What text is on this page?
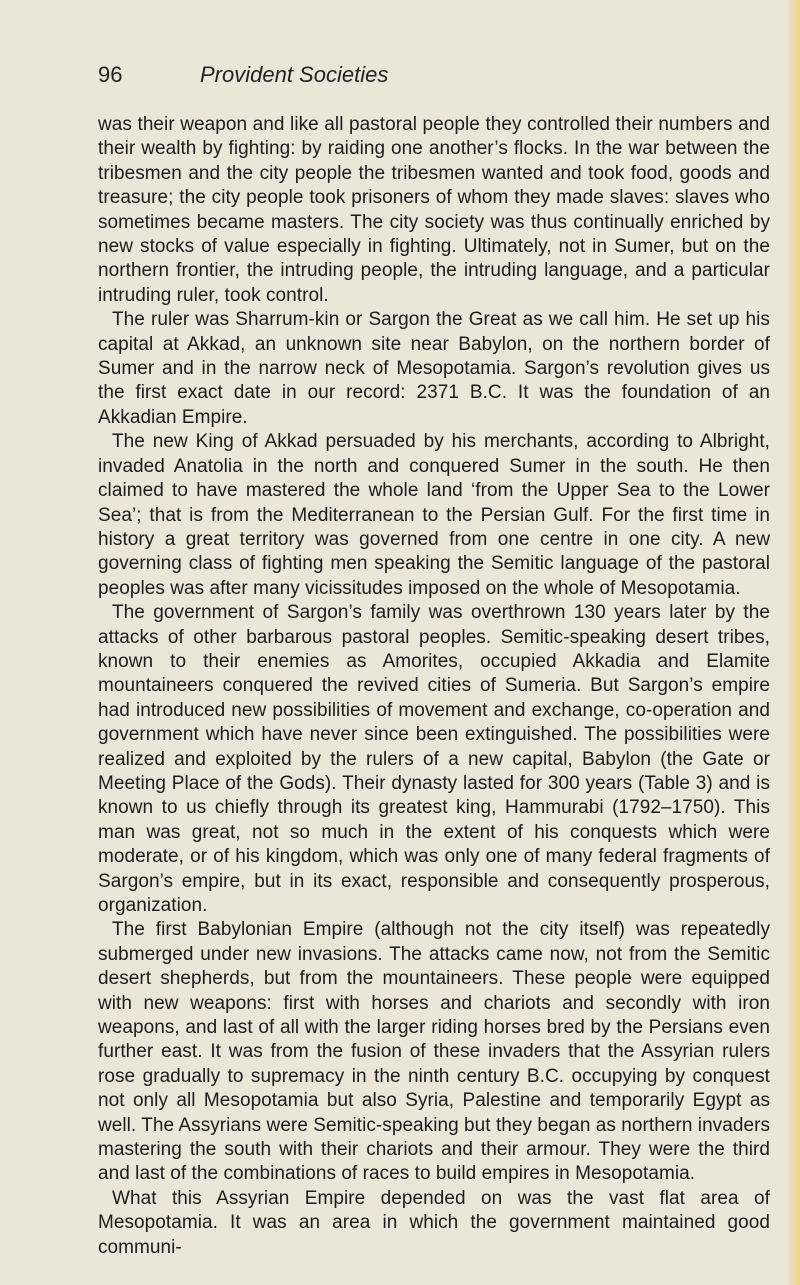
96	Provident Societies

was their weapon and like all pastoral people they controlled their numbers and their wealth by fighting: by raiding one another’s flocks. In the war between the tribesmen and the city people the tribesmen wanted and took food, goods and treasure; the city people took prisoners of whom they made slaves: slaves who sometimes became masters. The city society was thus continually enriched by new stocks of value especially in fighting. Ultimately, not in Sumer, but on the northern frontier, the intruding people, the intruding language, and a particular intruding ruler, took control.

The ruler was Sharrum-kin or Sargon the Great as we call him. He set up his capital at Akkad, an unknown site near Babylon, on the northern border of Sumer and in the narrow neck of Mesopotamia. Sargon’s revolution gives us the first exact date in our record: 2371 B.C. It was the foundation of an Akkadian Empire.

The new King of Akkad persuaded by his merchants, according to Albright, invaded Anatolia in the north and conquered Sumer in the south. He then claimed to have mastered the whole land ‘from the Upper Sea to the Lower Sea’; that is from the Mediterranean to the Persian Gulf. For the first time in history a great territory was governed from one centre in one city. A new governing class of fighting men speaking the Semitic language of the pastoral peoples was after many vicissitudes imposed on the whole of Mesopotamia.

The government of Sargon’s family was overthrown 130 years later by the attacks of other barbarous pastoral peoples. Semitic-speaking desert tribes, known to their enemies as Amorites, occupied Akkadia and Elamite mountaineers conquered the revived cities of Sumeria. But Sargon’s empire had introduced new possibilities of movement and exchange, co-operation and government which have never since been extinguished. The possibilities were realized and exploited by the rulers of a new capital, Babylon (the Gate or Meeting Place of the Gods). Their dynasty lasted for 300 years (Table 3) and is known to us chiefly through its greatest king, Hammurabi (1792–1750). This man was great, not so much in the extent of his conquests which were moderate, or of his kingdom, which was only one of many federal fragments of Sargon’s empire, but in its exact, responsible and consequently prosperous, organization.

The first Babylonian Empire (although not the city itself) was repeatedly submerged under new invasions. The attacks came now, not from the Semitic desert shepherds, but from the mountaineers. These people were equipped with new weapons: first with horses and chariots and secondly with iron weapons, and last of all with the larger riding horses bred by the Persians even further east. It was from the fusion of these invaders that the Assyrian rulers rose gradually to supremacy in the ninth century B.C. occupying by conquest not only all Mesopotamia but also Syria, Palestine and temporarily Egypt as well. The Assyrians were Semitic-speaking but they began as northern invaders mastering the south with their chariots and their armour. They were the third and last of the combinations of races to build empires in Mesopotamia.

What this Assyrian Empire depended on was the vast flat area of Mesopotamia. It was an area in which the government maintained good communi-
